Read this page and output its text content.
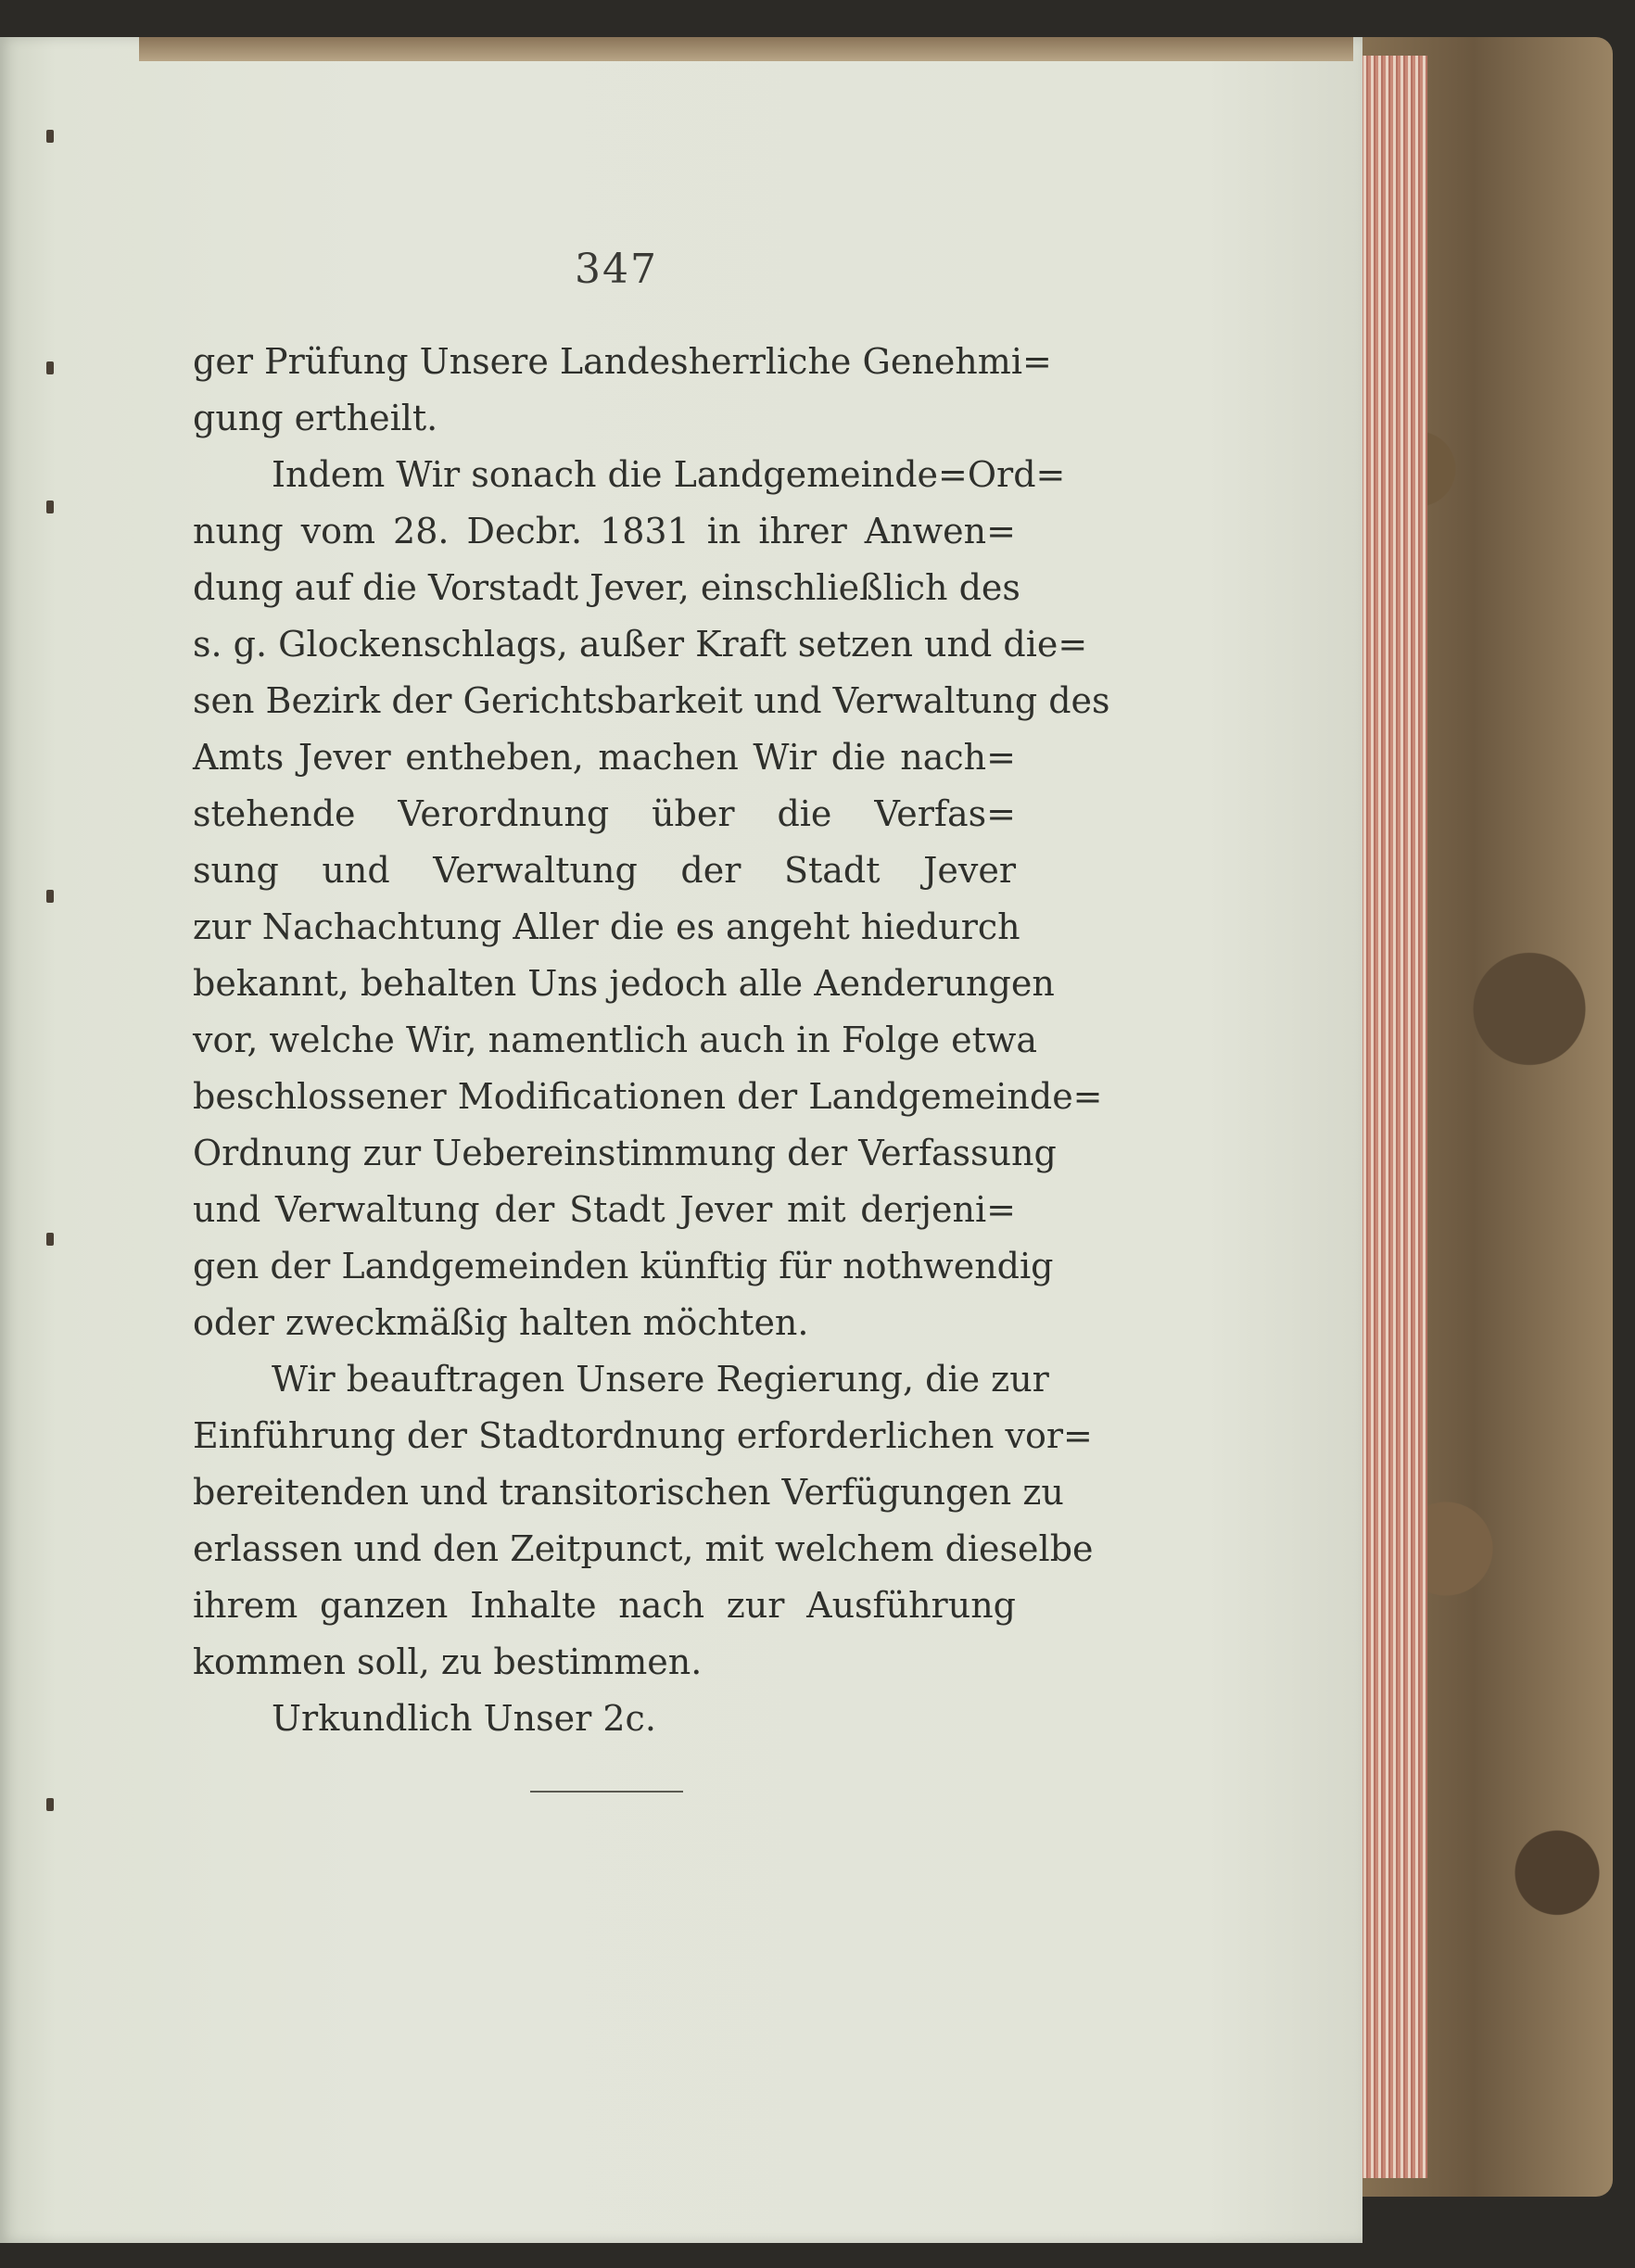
347
ger Prüfung Unsere Landesherrliche Genehmi=
gung ertheilt.
Indem Wir sonach die Landgemeinde=Ord=
nung vom 28. Decbr. 1831 in ihrer Anwen=
dung auf die Vorstadt Jever, einschließlich des
s. g. Glockenschlags, außer Kraft setzen und die=
sen Bezirk der Gerichtsbarkeit und Verwaltung des
Amts Jever entheben, machen Wir die nach=
stehende Verordnung über die Verfas=
sung und Verwaltung der Stadt Jever
zur Nachachtung Aller die es angeht hiedurch
bekannt, behalten Uns jedoch alle Aenderungen
vor, welche Wir, namentlich auch in Folge etwa
beschlossener Modificationen der Landgemeinde=
Ordnung zur Uebereinstimmung der Verfassung
und Verwaltung der Stadt Jever mit derjeni=
gen der Landgemeinden künftig für nothwendig
oder zweckmäßig halten möchten.
Wir beauftragen Unsere Regierung, die zur
Einführung der Stadtordnung erforderlichen vor=
bereitenden und transitorischen Verfügungen zu
erlassen und den Zeitpunct, mit welchem dieselbe
ihrem ganzen Inhalte nach zur Ausführung
kommen soll, zu bestimmen.
Urkundlich Unser 2c.
